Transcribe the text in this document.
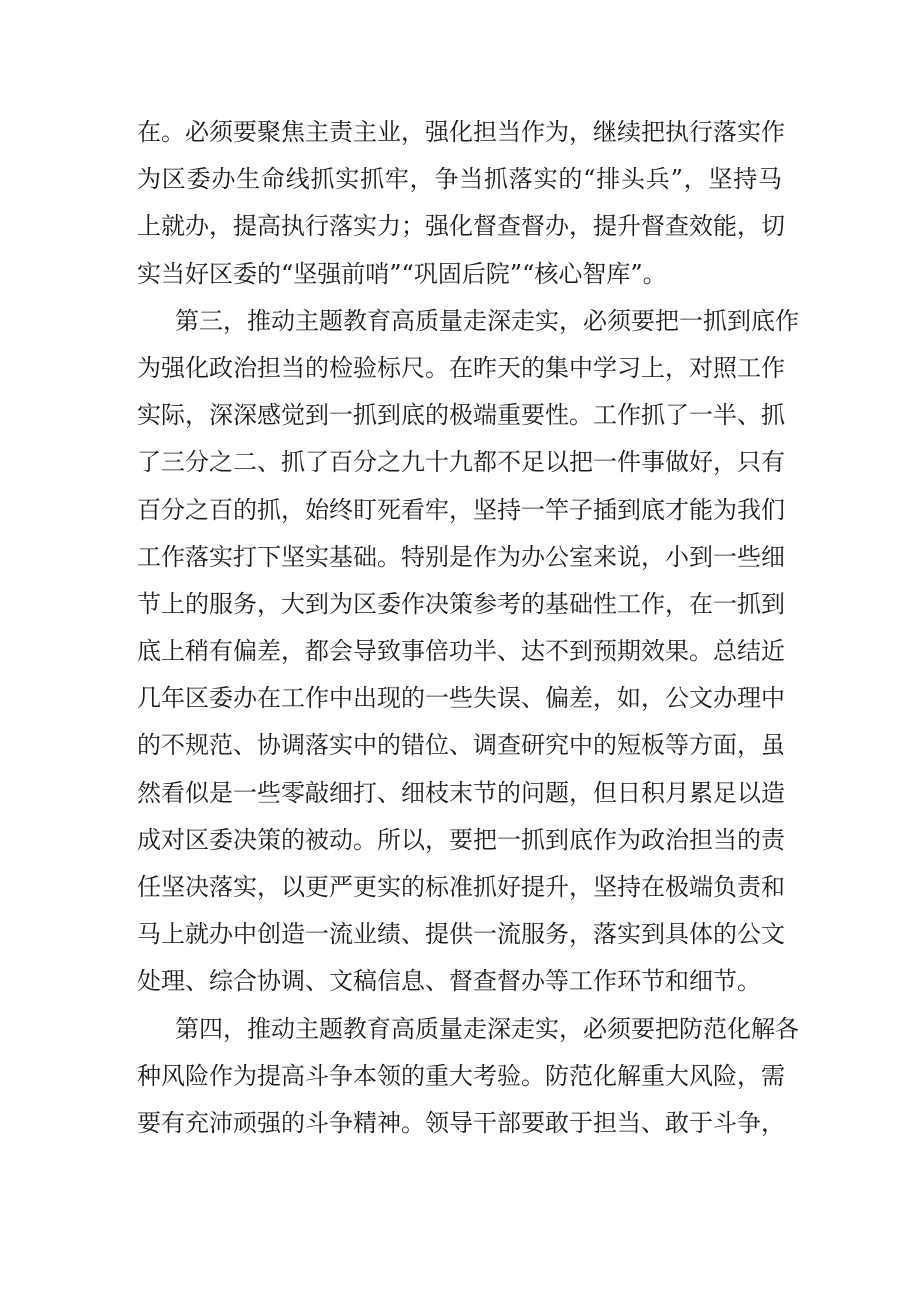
在。必须要聚焦主责主业，强化担当作为，继续把执行落实作
为区委办生命线抓实抓牢，争当抓落实的“排头兵”，坚持马
上就办，提高执行落实力；强化督查督办，提升督查效能，切
实当好区委的“坚强前哨”“巩固后院”“核心智库”。
第三，推动主题教育高质量走深走实，必须要把一抓到底作
为强化政治担当的检验标尺。在昨天的集中学习上，对照工作
实际，深深感觉到一抓到底的极端重要性。工作抓了一半、抓
了三分之二、抓了百分之九十九都不足以把一件事做好，只有
百分之百的抓，始终盯死看牢，坚持一竿子插到底才能为我们
工作落实打下坚实基础。特别是作为办公室来说，小到一些细
节上的服务，大到为区委作决策参考的基础性工作，在一抓到
底上稍有偏差，都会导致事倍功半、达不到预期效果。总结近
几年区委办在工作中出现的一些失误、偏差，如，公文办理中
的不规范、协调落实中的错位、调查研究中的短板等方面，虽
然看似是一些零敲细打、细枝末节的问题，但日积月累足以造
成对区委决策的被动。所以，要把一抓到底作为政治担当的责
任坚决落实，以更严更实的标准抓好提升，坚持在极端负责和
马上就办中创造一流业绩、提供一流服务，落实到具体的公文
处理、综合协调、文稿信息、督查督办等工作环节和细节。
第四，推动主题教育高质量走深走实，必须要把防范化解各
种风险作为提高斗争本领的重大考验。防范化解重大风险，需
要有充沛顽强的斗争精神。领导干部要敢于担当、敢于斗争，
